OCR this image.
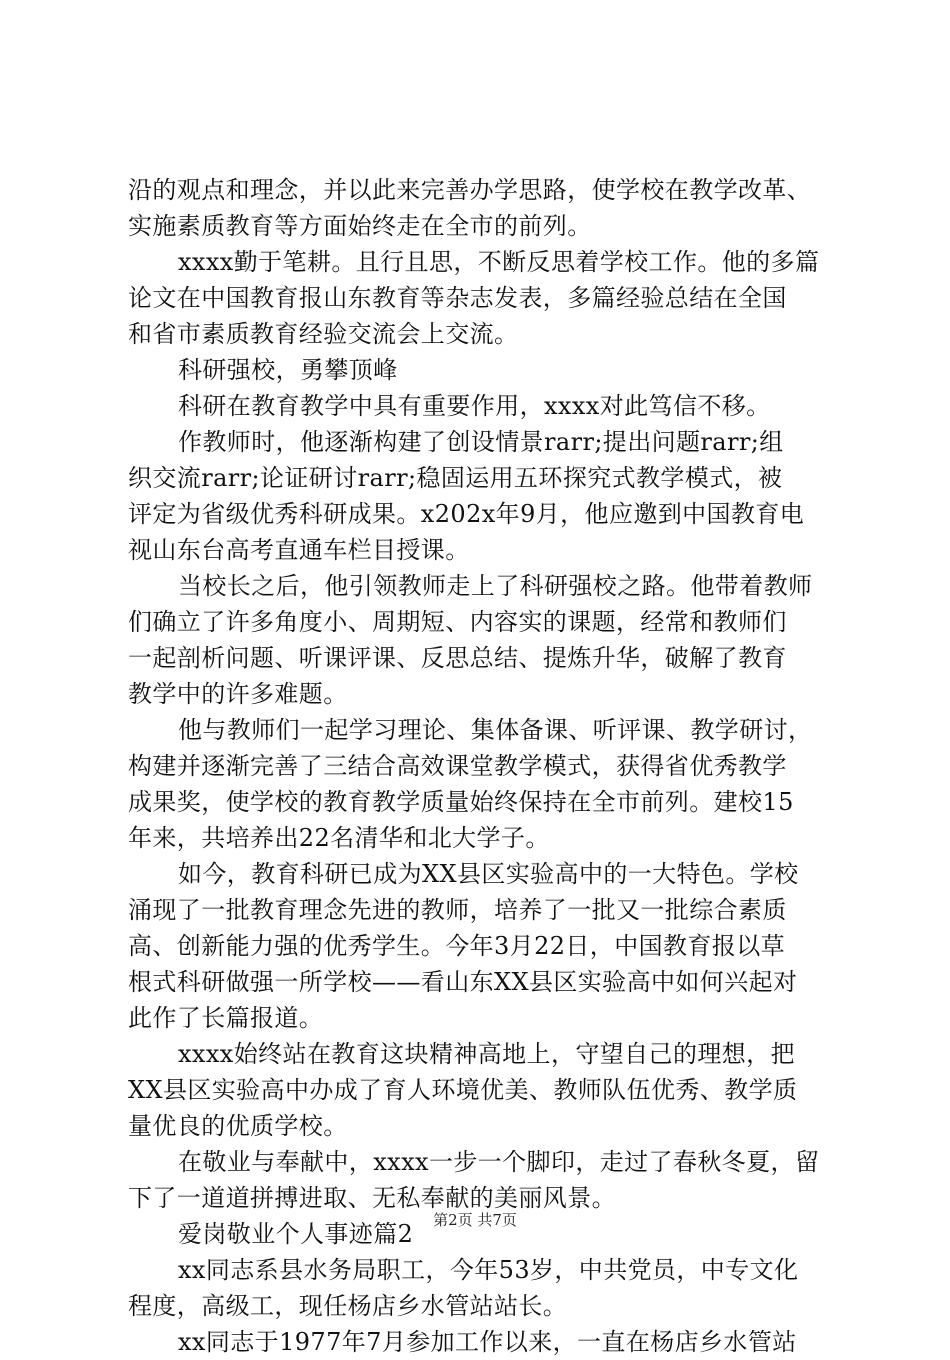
沿的观点和理念，并以此来完善办学思路，使学校在教学改革、
实施素质教育等方面始终走在全市的前列。
xxxx勤于笔耕。且行且思，不断反思着学校工作。他的多篇
论文在中国教育报山东教育等杂志发表，多篇经验总结在全国
和省市素质教育经验交流会上交流。
科研强校，勇攀顶峰
科研在教育教学中具有重要作用，xxxx对此笃信不移。
作教师时，他逐渐构建了创设情景rarr;提出问题rarr;组
织交流rarr;论证研讨rarr;稳固运用五环探究式教学模式，被
评定为省级优秀科研成果。x202x年9月，他应邀到中国教育电
视山东台高考直通车栏目授课。
当校长之后，他引领教师走上了科研强校之路。他带着教师
们确立了许多角度小、周期短、内容实的课题，经常和教师们
一起剖析问题、听课评课、反思总结、提炼升华，破解了教育
教学中的许多难题。
他与教师们一起学习理论、集体备课、听评课、教学研讨，
构建并逐渐完善了三结合高效课堂教学模式，获得省优秀教学
成果奖，使学校的教育教学质量始终保持在全市前列。建校15
年来，共培养出22名清华和北大学子。
如今，教育科研已成为XX县区实验高中的一大特色。学校
涌现了一批教育理念先进的教师，培养了一批又一批综合素质
高、创新能力强的优秀学生。今年3月22日，中国教育报以草
根式科研做强一所学校——看山东XX县区实验高中如何兴起对
此作了长篇报道。
xxxx始终站在教育这块精神高地上，守望自己的理想，把
XX县区实验高中办成了育人环境优美、教师队伍优秀、教学质
量优良的优质学校。
在敬业与奉献中，xxxx一步一个脚印，走过了春秋冬夏，留
下了一道道拼搏进取、无私奉献的美丽风景。
爱岗敬业个人事迹篇2
xx同志系县水务局职工，今年53岁，中共党员，中专文化
程度，高级工，现任杨店乡水管站站长。
xx同志于1977年7月参加工作以来，一直在杨店乡水管站
第2页 共7页
